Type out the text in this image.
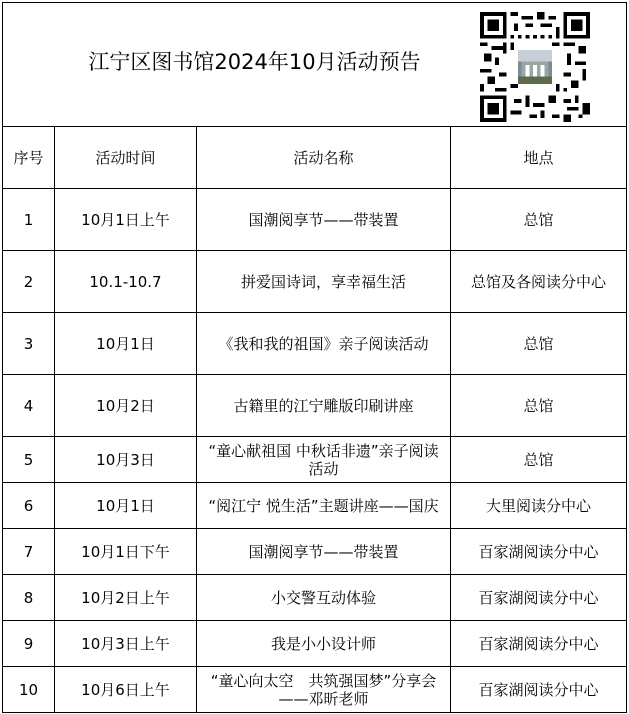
江宁区图书馆2024年10月活动预告			

序号	活动时间	活动名称	地点
1	10月1日上午	国潮阅享节——带装置	总馆
2	10.1-10.7	拼爱国诗词，享幸福生活	总馆及各阅读分中心
3	10月1日	《我和我的祖国》亲子阅读活动	总馆
4	10月2日	古籍里的江宁雕版印刷讲座	总馆
5	10月3日	“童心献祖国 中秋话非遗”亲子阅读活动	总馆
6	10月1日	“阅江宁 悦生活”主题讲座——国庆	大里阅读分中心
7	10月1日下午	国潮阅享节——带装置	百家湖阅读分中心
8	10月2日上午	小交警互动体验	百家湖阅读分中心
9	10月3日上午	我是小小设计师	百家湖阅读分中心
10	10月6日上午	“童心向太空　共筑强国梦”分享会——邓昕老师	百家湖阅读分中心
